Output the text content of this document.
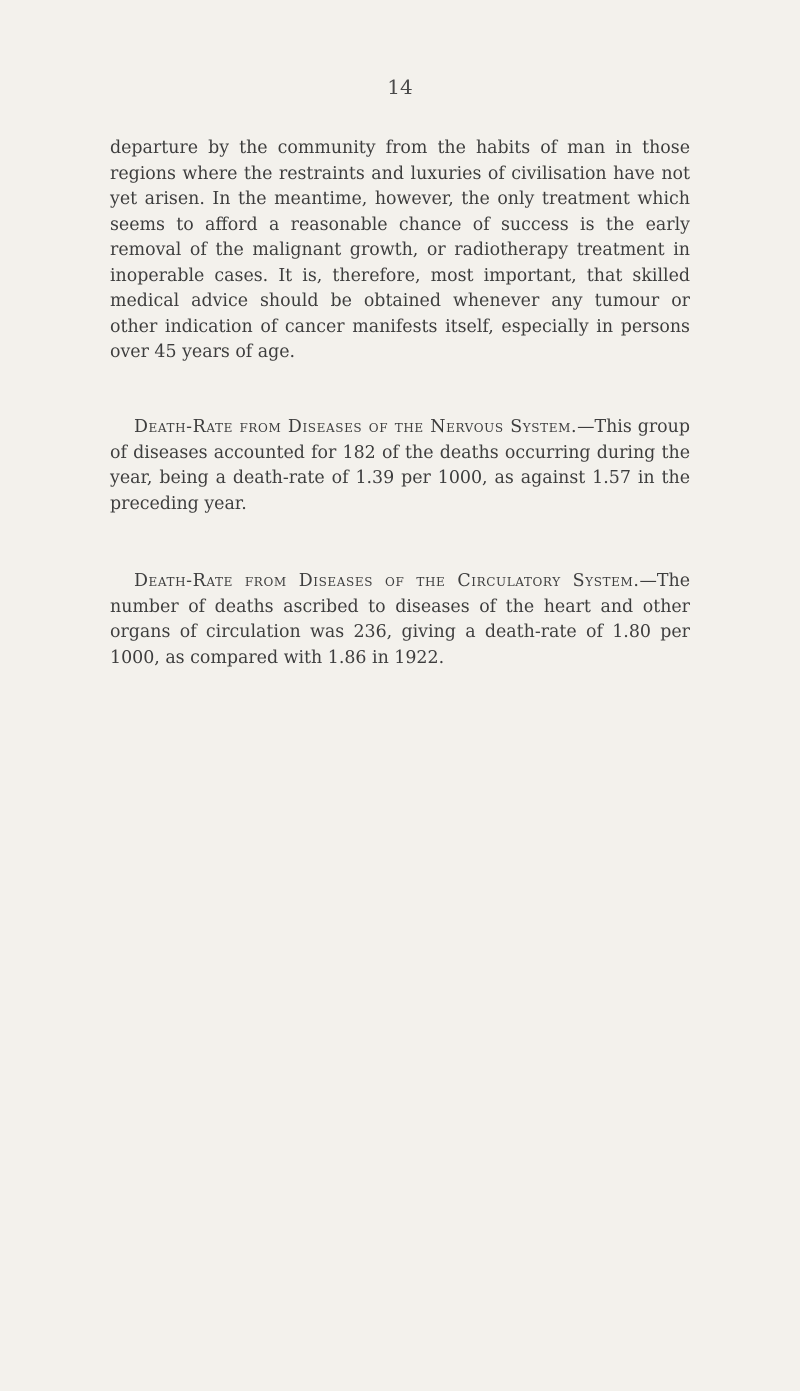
14

departure by the community from the habits of man in those regions where the restraints and luxuries of civilisation have not yet arisen. In the meantime, however, the only treatment which seems to afford a reasonable chance of success is the early removal of the malignant growth, or radiotherapy treatment in inoperable cases. It is, therefore, most important, that skilled medical advice should be obtained whenever any tumour or other indication of cancer manifests itself, especially in persons over 45 years of age.

Death-Rate from Diseases of the Nervous System.—This group of diseases accounted for 182 of the deaths occurring during the year, being a death-rate of 1.39 per 1000, as against 1.57 in the preceding year.

Death-Rate from Diseases of the Circulatory System.—The number of deaths ascribed to diseases of the heart and other organs of circulation was 236, giving a death-rate of 1.80 per 1000, as compared with 1.86 in 1922.
